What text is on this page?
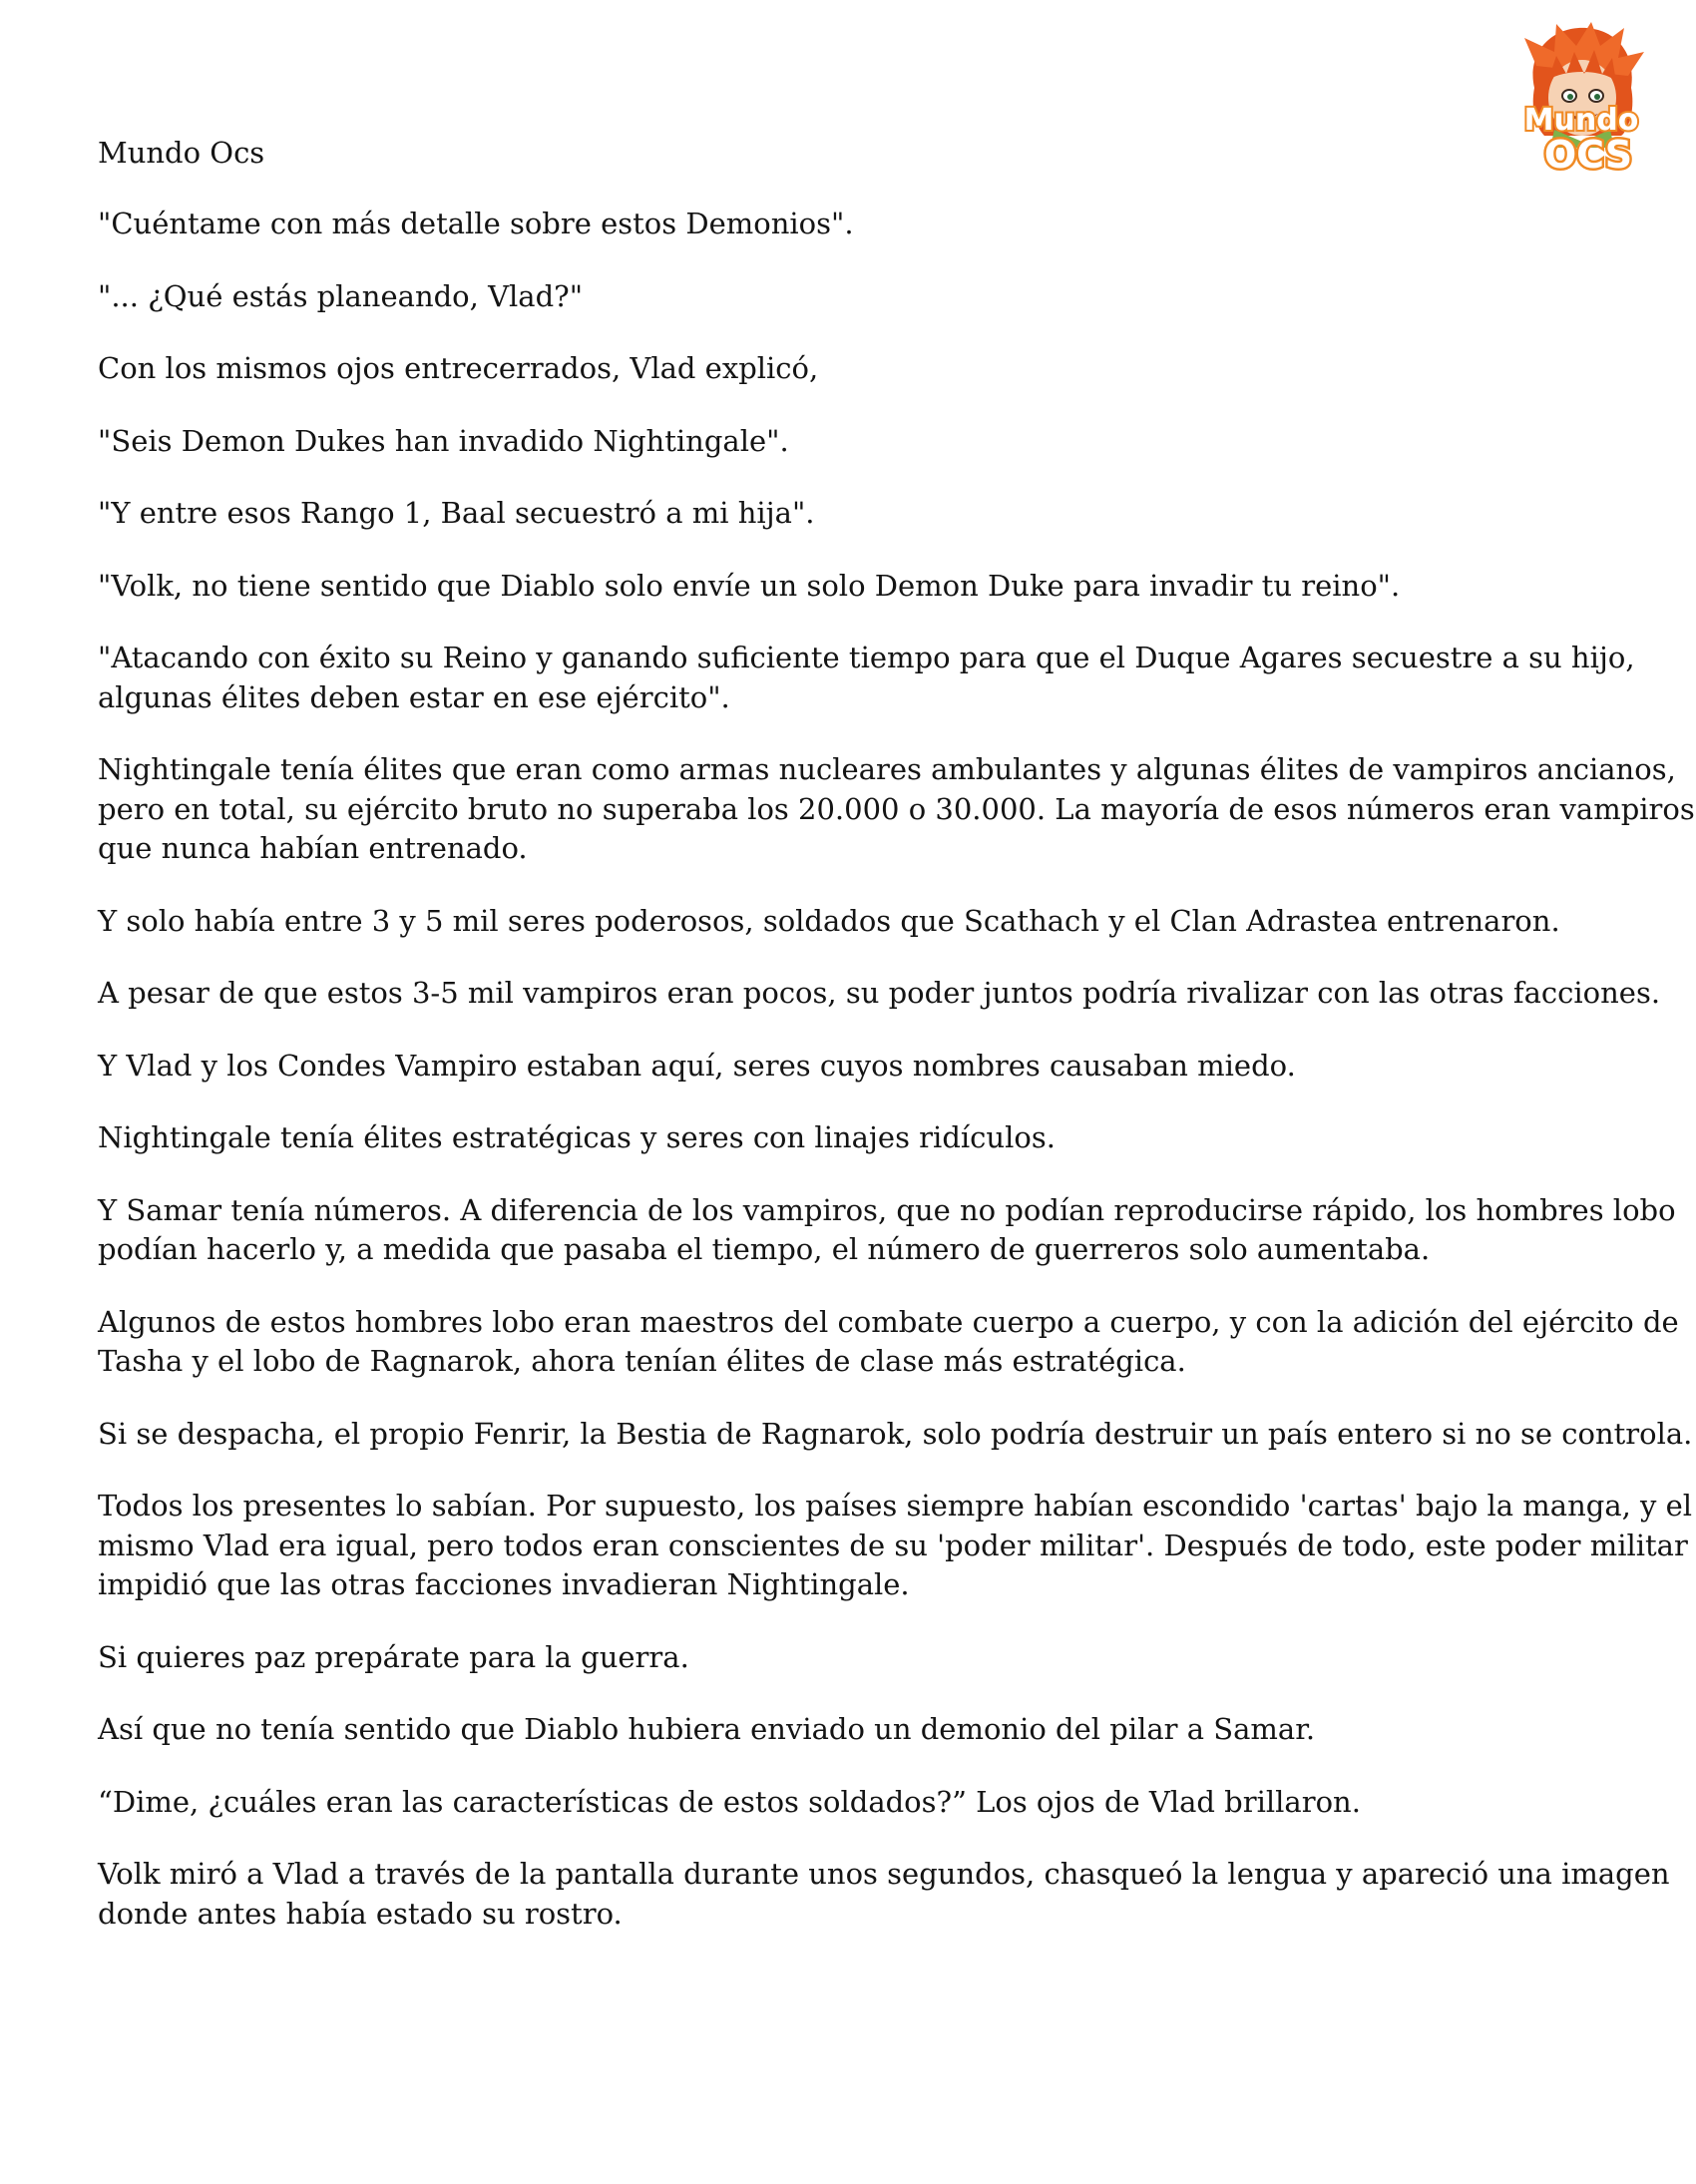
Mundo
OCS
Mundo Ocs

"Cuéntame con más detalle sobre estos Demonios".

"... ¿Qué estás planeando, Vlad?"

Con los mismos ojos entrecerrados, Vlad explicó,

"Seis Demon Dukes han invadido Nightingale".

"Y entre esos Rango 1, Baal secuestró a mi hija".

"Volk, no tiene sentido que Diablo solo envíe un solo Demon Duke para invadir tu reino".

"Atacando con éxito su Reino y ganando suficiente tiempo para que el Duque Agares secuestre a su hijo,
algunas élites deben estar en ese ejército".

Nightingale tenía élites que eran como armas nucleares ambulantes y algunas élites de vampiros ancianos,
pero en total, su ejército bruto no superaba los 20.000 o 30.000. La mayoría de esos números eran vampiros
que nunca habían entrenado.

Y solo había entre 3 y 5 mil seres poderosos, soldados que Scathach y el Clan Adrastea entrenaron.

A pesar de que estos 3-5 mil vampiros eran pocos, su poder juntos podría rivalizar con las otras facciones.

Y Vlad y los Condes Vampiro estaban aquí, seres cuyos nombres causaban miedo.

Nightingale tenía élites estratégicas y seres con linajes ridículos.

Y Samar tenía números. A diferencia de los vampiros, que no podían reproducirse rápido, los hombres lobo
podían hacerlo y, a medida que pasaba el tiempo, el número de guerreros solo aumentaba.

Algunos de estos hombres lobo eran maestros del combate cuerpo a cuerpo, y con la adición del ejército de
Tasha y el lobo de Ragnarok, ahora tenían élites de clase más estratégica.

Si se despacha, el propio Fenrir, la Bestia de Ragnarok, solo podría destruir un país entero si no se controla.

Todos los presentes lo sabían. Por supuesto, los países siempre habían escondido 'cartas' bajo la manga, y el
mismo Vlad era igual, pero todos eran conscientes de su 'poder militar'. Después de todo, este poder militar
impidió que las otras facciones invadieran Nightingale.

Si quieres paz prepárate para la guerra.

Así que no tenía sentido que Diablo hubiera enviado un demonio del pilar a Samar.

“Dime, ¿cuáles eran las características de estos soldados?” Los ojos de Vlad brillaron.

Volk miró a Vlad a través de la pantalla durante unos segundos, chasqueó la lengua y apareció una imagen
donde antes había estado su rostro.
